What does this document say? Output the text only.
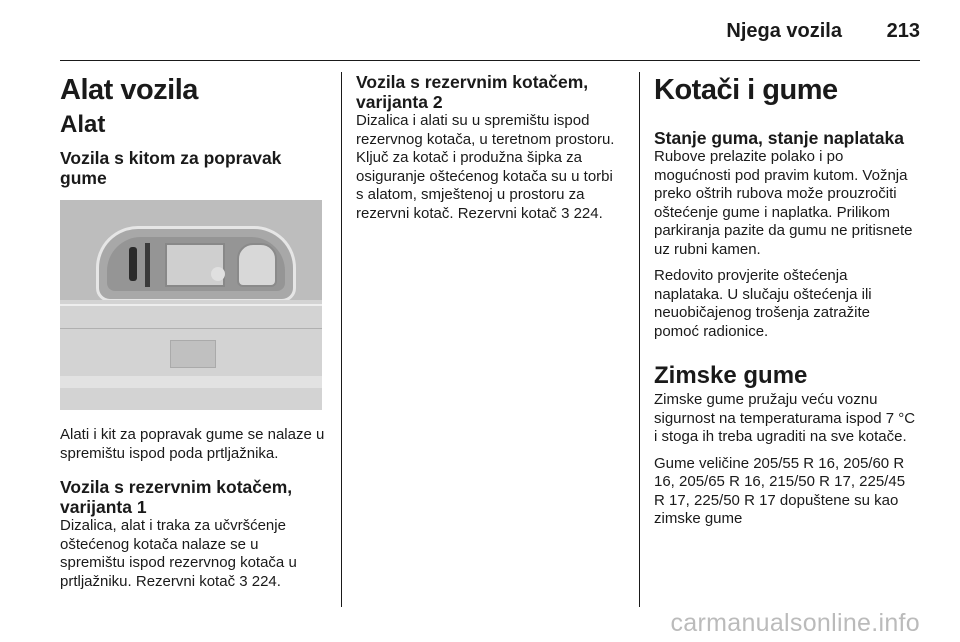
Njega vozila 213
Alat vozila
Alat
Vozila s kitom za popravak gume

Alati i kit za popravak gume se nalaze u spremištu ispod poda prtljažnika.

Vozila s rezervnim kotačem, varijanta 1

Dizalica, alat i traka za učvršćenje oštećenog kotača nalaze se u spremištu ispod rezervnog kotača u prtljažniku. Rezervni kotač 3 224.

Vozila s rezervnim kotačem, varijanta 2

Dizalica i alati su u spremištu ispod rezervnog kotača, u teretnom prostoru. Ključ za kotač i produžna šipka za osiguranje oštećenog kotača su u torbi s alatom, smještenoj u prostoru za rezervni kotač. Rezervni kotač 3 224.

Kotači i gume
Stanje guma, stanje naplataka

Rubove prelazite polako i po mogućnosti pod pravim kutom. Vožnja preko oštrih rubova može prouzročiti oštećenje gume i naplatka. Prilikom parkiranja pazite da gumu ne pritisnete uz rubni kamen.

Redovito provjerite oštećenja naplataka. U slučaju oštećenja ili neuobičajenog trošenja zatražite pomoć radionice.

Zimske gume

Zimske gume pružaju veću voznu sigurnost na temperaturama ispod 7 °C i stoga ih treba ugraditi na sve kotače.

Gume veličine 205/55 R 16, 205/60 R 16, 205/65 R 16, 215/50 R 17, 225/45 R 17, 225/50 R 17 dopuštene su kao zimske gume

carmanualsonline.info
